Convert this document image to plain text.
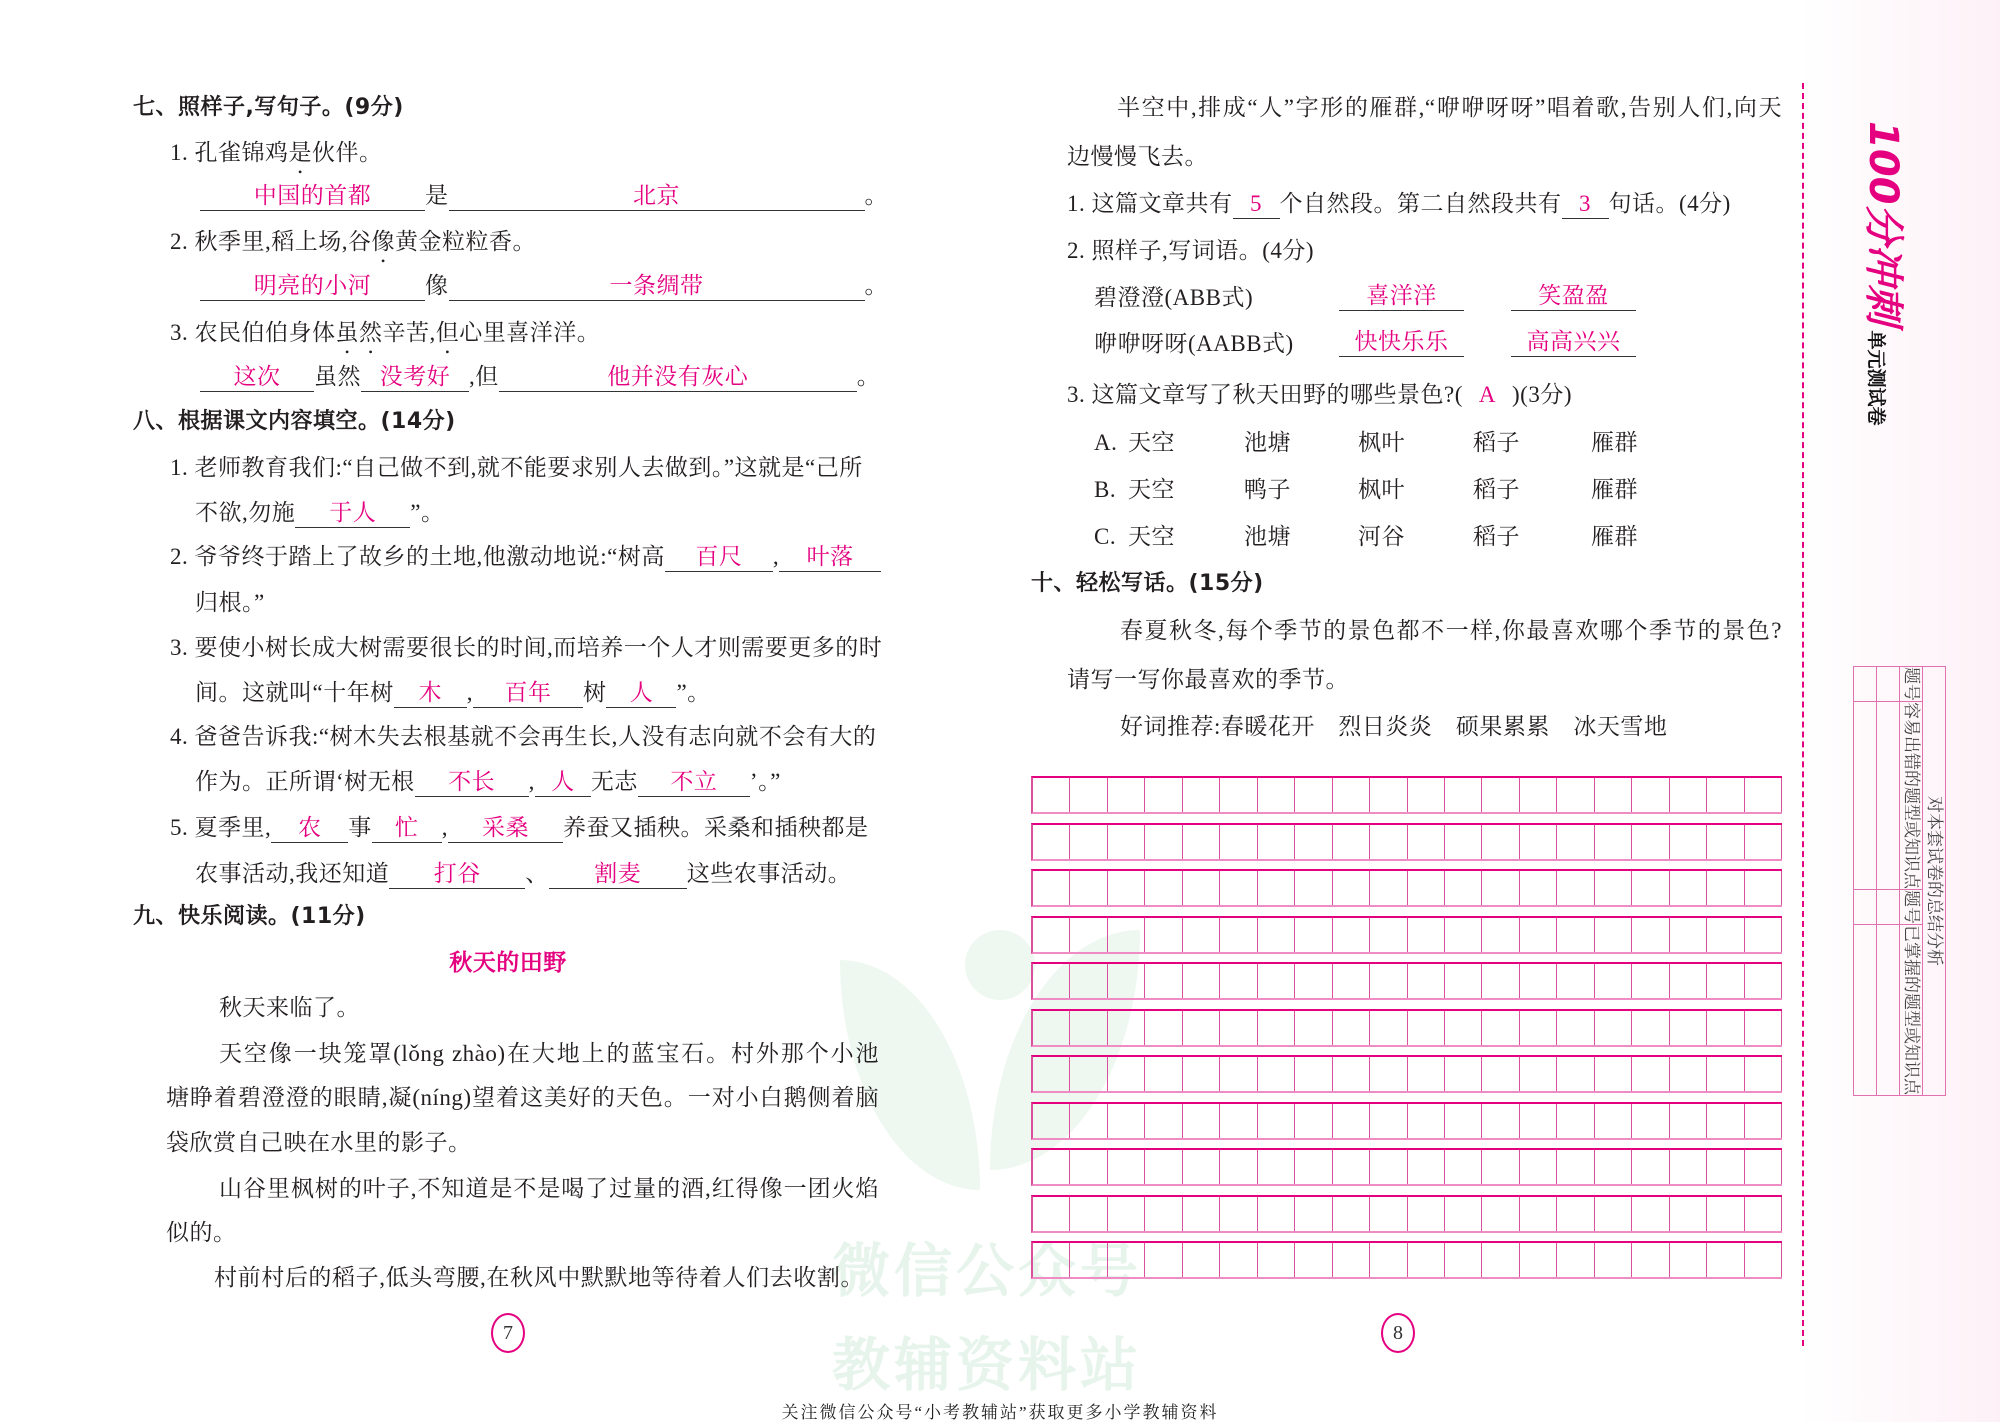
微信公众号
教辅资料站
七、照样子,写句子。(9分)
1. 孔雀锦鸡是伙伴。
中国的首都 是	北京	。
2. 秋季里,稻上场,谷像黄金粒粒香。
明亮的小河 像	一条绸带	。
3. 农民伯伯身体虽然辛苦,但心里喜洋洋。
这次 虽然 没考好 ,但	他并没有灰心	。
八、根据课文内容填空。(14分)
1. 老师教育我们:“自己做不到,就不能要求别人去做到。”这就是“己所
不欲,勿施 于人 ”。
2. 爷爷终于踏上了故乡的土地,他激动地说:“树高 百尺 , 叶落
归根。”
3. 要使小树长成大树需要很长的时间,而培养一个人才则需要更多的时
间。这就叫“十年树 木 , 百年 树 人 ”。
4. 爸爸告诉我:“树木失去根基就不会再生长,人没有志向就不会有大的
作为。正所谓‘树无根 不长 , 人 无志 不立 ’。”
5. 夏季里, 农 事 忙 , 采桑 养蚕又插秧。采桑和插秧都是
农事活动,我还知道 打谷 、 割麦 这些农事活动。
九、快乐阅读。(11分)
秋天的田野
秋天来临了。
天空像一块笼罩(lǒng zhào)在大地上的蓝宝石。村外那个小池
塘睁着碧澄澄的眼睛,凝(níng)望着这美好的天色。一对小白鹅侧着脑
袋欣赏自己映在水里的影子。
山谷里枫树的叶子,不知道是不是喝了过量的酒,红得像一团火焰
似的。
村前村后的稻子,低头弯腰,在秋风中默默地等待着人们去收割。
7
半空中,排成“人”字形的雁群,“咿咿呀呀”唱着歌,告别人们,向天
边慢慢飞去。
1. 这篇文章共有 5 个自然段。第二自然段共有 3 句话。(4分)
2. 照样子,写词语。(4分)
碧澄澄(ABB式)	喜洋洋	笑盈盈
咿咿呀呀(AABB式)	快快乐乐	高高兴兴
3. 这篇文章写了秋天田野的哪些景色?( A )(3分)
A. 天空	池塘	枫叶	稻子	雁群
B. 天空	鸭子	枫叶	稻子	雁群
C. 天空	池塘	河谷	稻子	雁群
十、轻松写话。(15分)
春夏秋冬,每个季节的景色都不一样,你最喜欢哪个季节的景色?
请写一写你最喜欢的季节。
好词推荐:春暖花开　烈日炎炎　硕果累累　冰天雪地
8
100分冲刺单元测试卷
对本套试卷的总结分析			
题号	容易出错的题型或知识点	题号	已掌握的题型或知识点

关注微信公众号“小考教辅站”获取更多小学教辅资料
